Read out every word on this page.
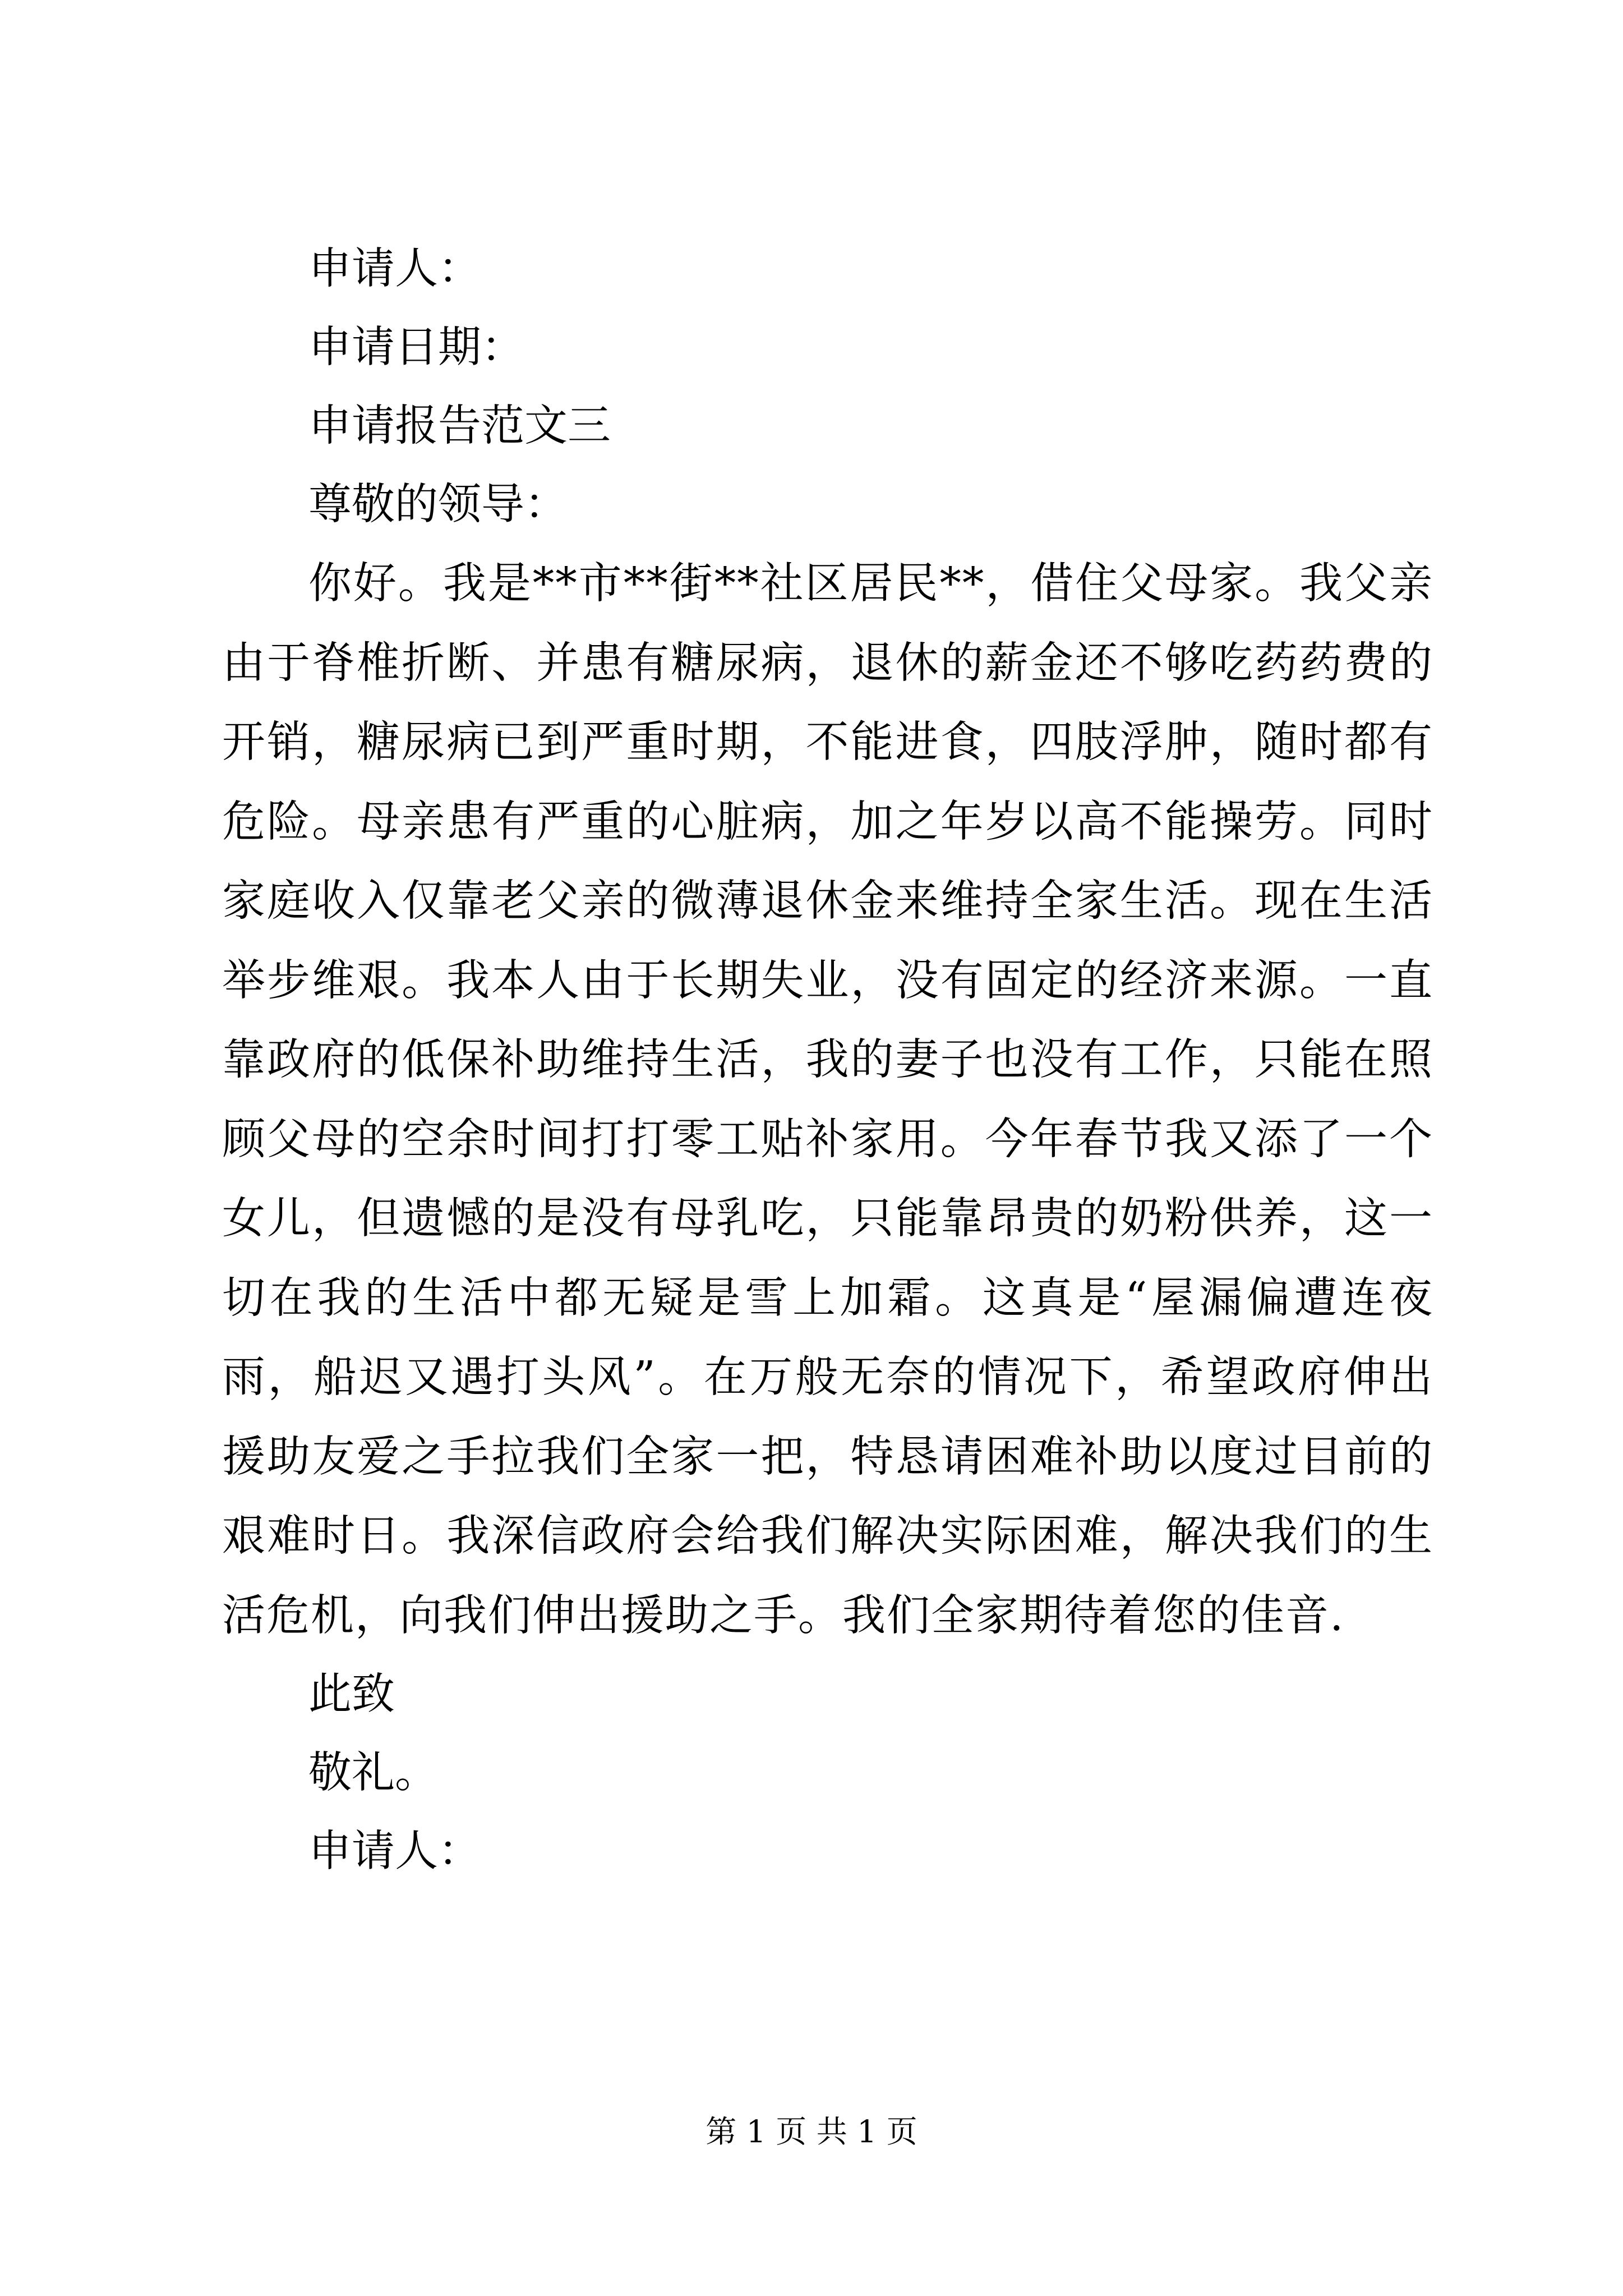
申请人：

申请日期：

申请报告范文三

尊敬的领导：

你好。我是**市**街**社区居民**，借住父母家。我父亲由于脊椎折断、并患有糖尿病，退休的薪金还不够吃药药费的开销，糖尿病已到严重时期，不能进食，四肢浮肿，随时都有危险。母亲患有严重的心脏病，加之年岁以高不能操劳。同时家庭收入仅靠老父亲的微薄退休金来维持全家生活。现在生活举步维艰。我本人由于长期失业，没有固定的经济来源。一直靠政府的低保补助维持生活，我的妻子也没有工作，只能在照顾父母的空余时间打打零工贴补家用。今年春节我又添了一个女儿，但遗憾的是没有母乳吃，只能靠昂贵的奶粉供养，这一切在我的生活中都无疑是雪上加霜。这真是“屋漏偏遭连夜雨，船迟又遇打头风”。在万般无奈的情况下，希望政府伸出援助友爱之手拉我们全家一把，特恳请困难补助以度过目前的艰难时日。我深信政府会给我们解决实际困难，解决我们的生活危机，向我们伸出援助之手。我们全家期待着您的佳音.

此致

敬礼。

申请人：

第 1 页 共 1 页
